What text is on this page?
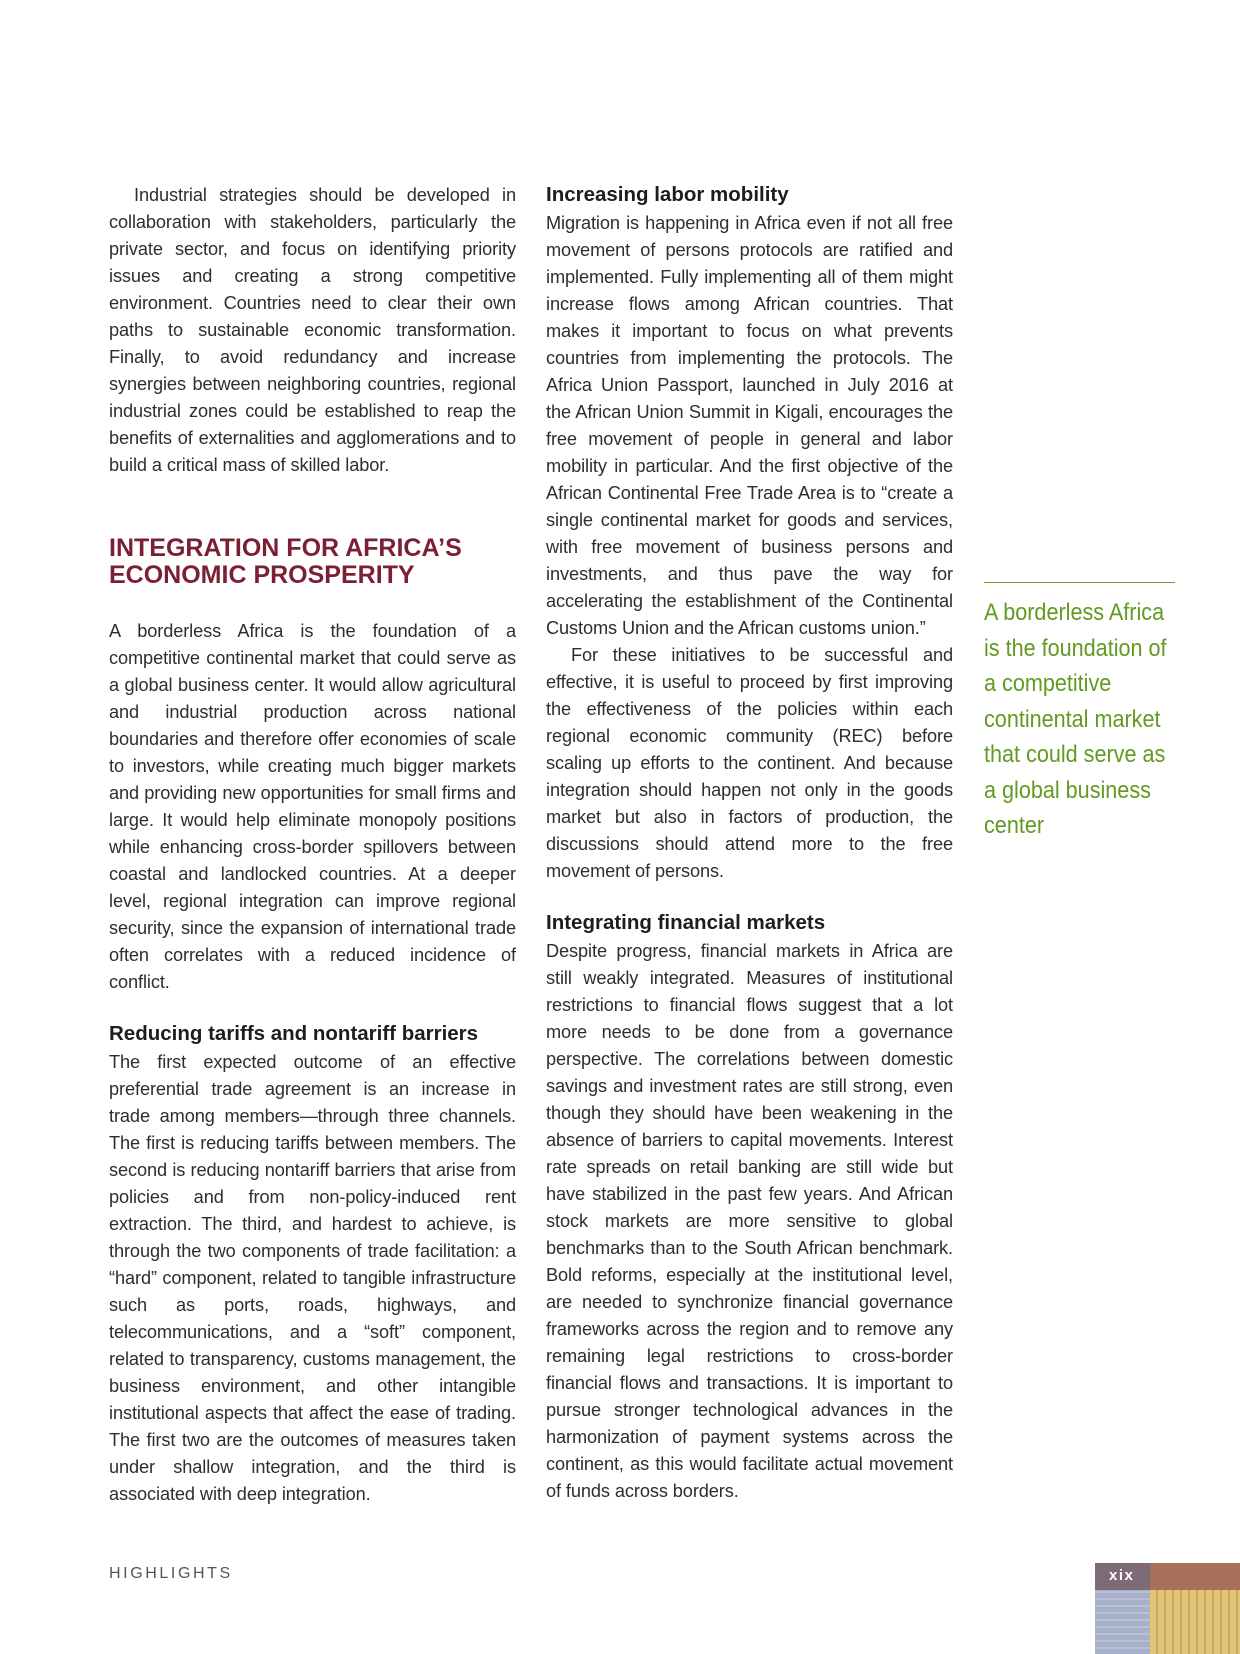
Industrial strategies should be developed in collaboration with stakeholders, particularly the private sector, and focus on identifying priority issues and creating a strong competitive environment. Countries need to clear their own paths to sustainable economic transformation. Finally, to avoid redundancy and increase synergies between neighboring countries, regional industrial zones could be established to reap the benefits of externalities and agglomerations and to build a critical mass of skilled labor.

INTEGRATION FOR AFRICA’S
ECONOMIC PROSPERITY

A borderless Africa is the foundation of a competitive continental market that could serve as a global business center. It would allow agricultural and industrial production across national boundaries and therefore offer economies of scale to investors, while creating much bigger markets and providing new opportunities for small firms and large. It would help eliminate monopoly positions while enhancing cross-border spillovers between coastal and landlocked countries. At a deeper level, regional integration can improve regional security, since the expansion of international trade often correlates with a reduced incidence of conflict.

Reducing tariffs and nontariff barriers

The first expected outcome of an effective preferential trade agreement is an increase in trade among members—through three channels. The first is reducing tariffs between members. The second is reducing nontariff barriers that arise from policies and from non-policy-induced rent extraction. The third, and hardest to achieve, is through the two components of trade facilitation: a “hard” component, related to tangible infrastructure such as ports, roads, highways, and telecommunications, and a “soft” component, related to transparency, customs management, the business environment, and other intangible institutional aspects that affect the ease of trading. The first two are the outcomes of measures taken under shallow integration, and the third is associated with deep integration.

Increasing labor mobility

Migration is happening in Africa even if not all free movement of persons protocols are ratified and implemented. Fully implementing all of them might increase flows among African countries. That makes it important to focus on what prevents countries from implementing the protocols. The Africa Union Passport, launched in July 2016 at the African Union Summit in Kigali, encourages the free movement of people in general and labor mobility in particular. And the first objective of the African Continental Free Trade Area is to “create a single continental market for goods and services, with free movement of business persons and investments, and thus pave the way for accelerating the establishment of the Continental Customs Union and the African customs union.”

For these initiatives to be successful and effective, it is useful to proceed by first improving the effectiveness of the policies within each regional economic community (REC) before scaling up efforts to the continent. And because integration should happen not only in the goods market but also in factors of production, the discussions should attend more to the free movement of persons.

Integrating financial markets

Despite progress, financial markets in Africa are still weakly integrated. Measures of institutional restrictions to financial flows suggest that a lot more needs to be done from a governance perspective. The correlations between domestic savings and investment rates are still strong, even though they should have been weakening in the absence of barriers to capital movements. Interest rate spreads on retail banking are still wide but have stabilized in the past few years. And African stock markets are more sensitive to global benchmarks than to the South African benchmark. Bold reforms, especially at the institutional level, are needed to synchronize financial governance frameworks across the region and to remove any remaining legal restrictions to cross-border financial flows and transactions. It is important to pursue stronger technological advances in the harmonization of payment systems across the continent, as this would facilitate actual movement of funds across borders.

A borderless Africa is the foundation of a competitive continental market that could serve as a global business center

HIGHLIGHTS	xix
